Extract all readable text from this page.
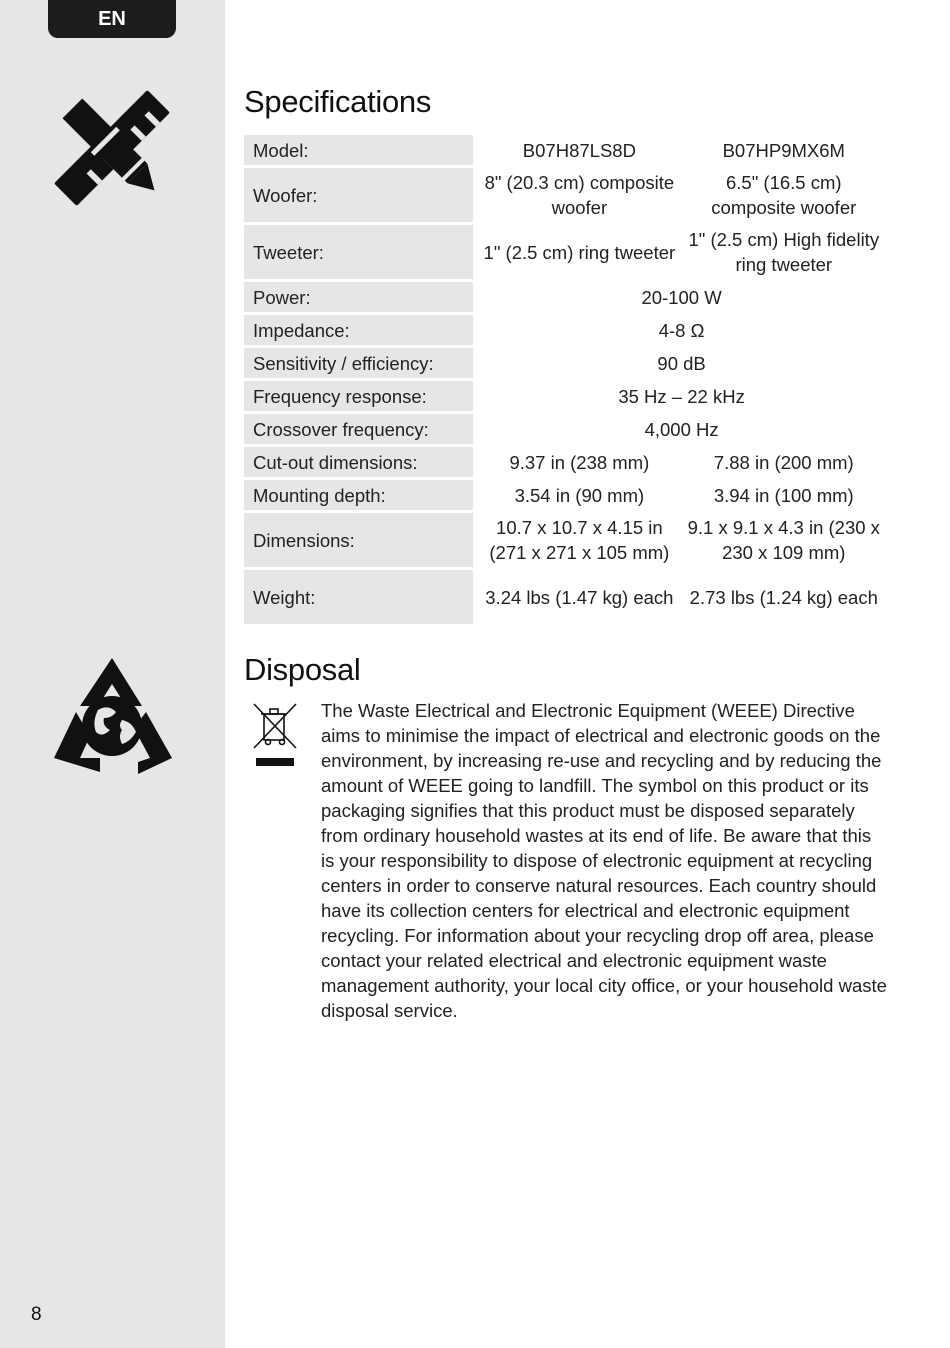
EN
8
Specifications
Model:	B07H87LS8D	B07HP9MX6M
Woofer:	8" (20.3 cm) composite woofer	6.5" (16.5 cm) composite woofer
Tweeter:	1" (2.5 cm) ring tweeter	1" (2.5 cm) High fidelity ring tweeter
Power:	20-100 W	
Impedance:	4-8 Ω	
Sensitivity / efficiency:	90 dB	
Frequency response:	35 Hz – 22 kHz	
Crossover frequency:	4,000 Hz	
Cut-out dimensions:	9.37 in (238 mm)	7.88 in (200 mm)
Mounting depth:	3.54 in (90 mm)	3.94 in (100 mm)
Dimensions:	10.7 x 10.7 x 4.15 in (271 x 271 x 105 mm)	9.1 x 9.1 x 4.3 in (230 x 230 x 109 mm)
Weight:	3.24 lbs (1.47 kg) each	2.73 lbs (1.24 kg) each
Disposal

The Waste Electrical and Electronic Equipment (WEEE) Directive aims to minimise the impact of electrical and electronic goods on the environment, by increasing re-use and recycling and by reducing the amount of WEEE going to landfill. The symbol on this product or its packaging signifies that this product must be disposed separately from ordinary household wastes at its end of life. Be aware that this is your responsibility to dispose of electronic equipment at recycling centers in order to conserve natural resources. Each country should have its collection centers for electrical and electronic equipment recycling. For information about your recycling drop off area, please contact your related electrical and electronic equipment waste management authority, your local city office, or your household waste disposal service.
